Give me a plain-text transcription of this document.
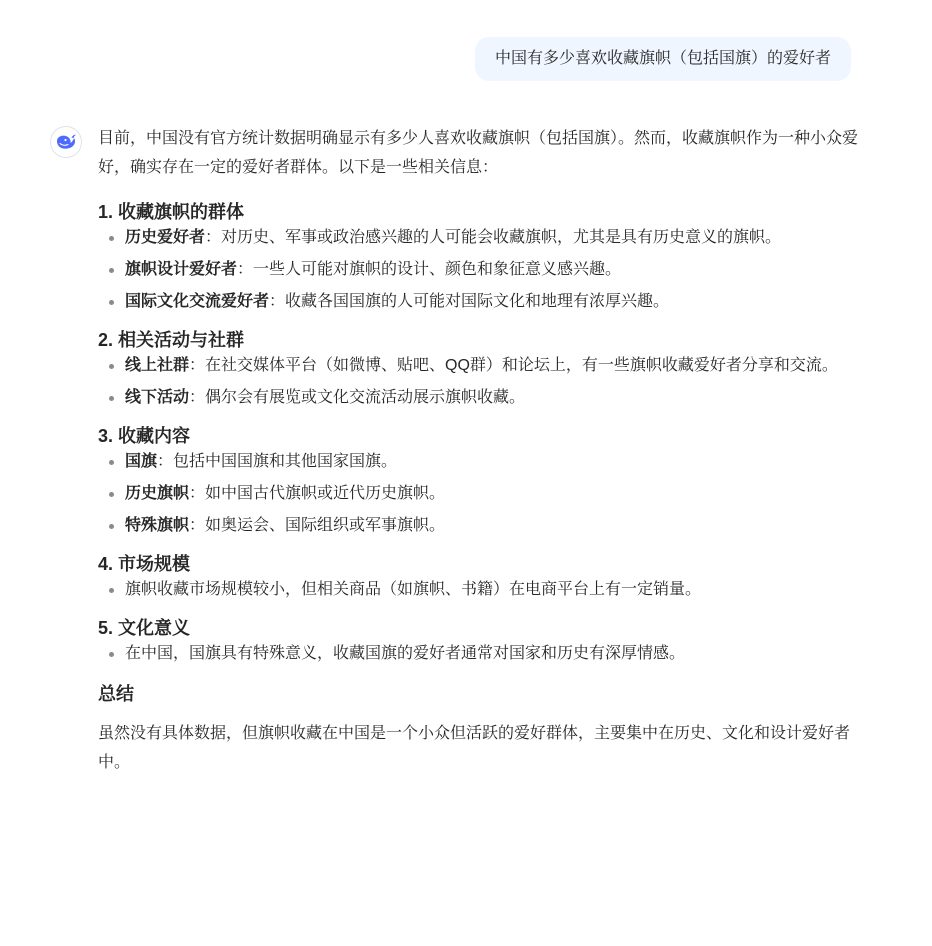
中国有多少喜欢收藏旗帜（包括国旗）的爱好者

目前，中国没有官方统计数据明确显示有多少人喜欢收藏旗帜（包括国旗）。然而，收藏旗帜作为一种小众爱好，确实存在一定的爱好者群体。以下是一些相关信息：

1. 收藏旗帜的群体
历史爱好者：对历史、军事或政治感兴趣的人可能会收藏旗帜，尤其是具有历史意义的旗帜。
旗帜设计爱好者：一些人可能对旗帜的设计、颜色和象征意义感兴趣。
国际文化交流爱好者：收藏各国国旗的人可能对国际文化和地理有浓厚兴趣。
2. 相关活动与社群
线上社群：在社交媒体平台（如微博、贴吧、QQ群）和论坛上，有一些旗帜收藏爱好者分享和交流。
线下活动：偶尔会有展览或文化交流活动展示旗帜收藏。
3. 收藏内容
国旗：包括中国国旗和其他国家国旗。
历史旗帜：如中国古代旗帜或近代历史旗帜。
特殊旗帜：如奥运会、国际组织或军事旗帜。
4. 市场规模
旗帜收藏市场规模较小，但相关商品（如旗帜、书籍）在电商平台上有一定销量。
5. 文化意义
在中国，国旗具有特殊意义，收藏国旗的爱好者通常对国家和历史有深厚情感。
总结

虽然没有具体数据，但旗帜收藏在中国是一个小众但活跃的爱好群体，主要集中在历史、文化和设计爱好者中。
